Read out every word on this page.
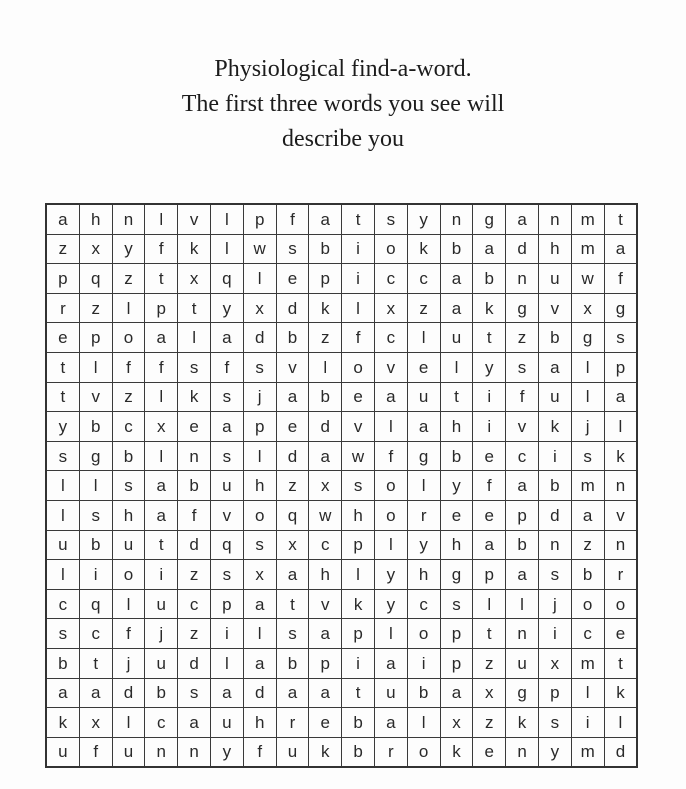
Physiological find-a-word.
The first three words you see will
describe you
a	h	n	l	v	l	p	f	a	t	s	y	n	g	a	n	m	t
z	x	y	f	k	l	w	s	b	i	o	k	b	a	d	h	m	a
p	q	z	t	x	q	l	e	p	i	c	c	a	b	n	u	w	f
r	z	l	p	t	y	x	d	k	l	x	z	a	k	g	v	x	g
e	p	o	a	l	a	d	b	z	f	c	l	u	t	z	b	g	s
t	l	f	f	s	f	s	v	l	o	v	e	l	y	s	a	l	p
t	v	z	l	k	s	j	a	b	e	a	u	t	i	f	u	l	a
y	b	c	x	e	a	p	e	d	v	l	a	h	i	v	k	j	l
s	g	b	l	n	s	l	d	a	w	f	g	b	e	c	i	s	k
l	l	s	a	b	u	h	z	x	s	o	l	y	f	a	b	m	n
l	s	h	a	f	v	o	q	w	h	o	r	e	e	p	d	a	v
u	b	u	t	d	q	s	x	c	p	l	y	h	a	b	n	z	n
l	i	o	i	z	s	x	a	h	l	y	h	g	p	a	s	b	r
c	q	l	u	c	p	a	t	v	k	y	c	s	l	l	j	o	o
s	c	f	j	z	i	l	s	a	p	l	o	p	t	n	i	c	e
b	t	j	u	d	l	a	b	p	i	a	i	p	z	u	x	m	t
a	a	d	b	s	a	d	a	a	t	u	b	a	x	g	p	l	k
k	x	l	c	a	u	h	r	e	b	a	l	x	z	k	s	i	l
u	f	u	n	n	y	f	u	k	b	r	o	k	e	n	y	m	d
